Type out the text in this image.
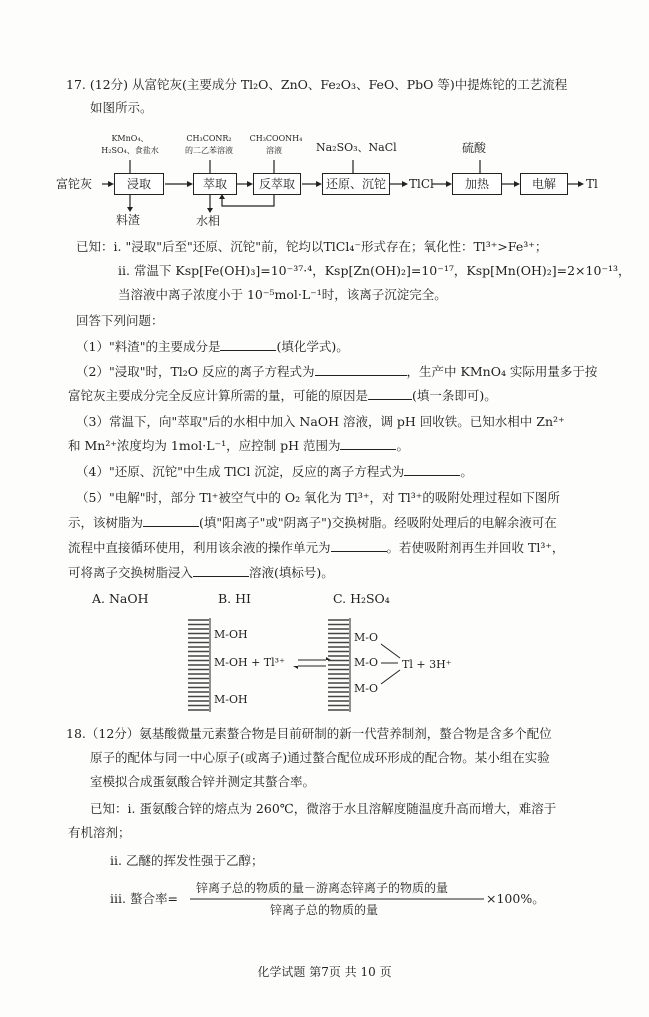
17. (12分) 从富铊灰(主要成分 Tl₂O、ZnO、Fe₂O₃、FeO、PbO 等)中提炼铊的工艺流程
如图所示。
富铊灰
KMnO₄、
H₂SO₄、食盐水
CH₃CONR₂
的二乙苯溶液
CH₃COONH₄
溶液	Na₂SO₃、NaCl	硫酸
浸取	萃取	反萃取	还原、沉铊	TlCl	加热	电解	Tl
料渣	水相
已知：i. "浸取"后至"还原、沉铊"前，铊均以TlCl₄⁻形式存在；氧化性：Tl³⁺>Fe³⁺；
ii. 常温下 Ksp[Fe(OH)₃]=10⁻³⁷·⁴，Ksp[Zn(OH)₂]=10⁻¹⁷，Ksp[Mn(OH)₂]=2×10⁻¹³，
当溶液中离子浓度小于 10⁻⁵mol·L⁻¹时，该离子沉淀完全。
回答下列问题：
（1）"料渣"的主要成分是	(填化学式)。
（2）"浸取"时，Tl₂O 反应的离子方程式为	，生产中 KMnO₄ 实际用量多于按
富铊灰主要成分完全反应计算所需的量，可能的原因是	(填一条即可)。
（3）常温下，向"萃取"后的水相中加入 NaOH 溶液，调 pH 回收铁。已知水相中 Zn²⁺
和 Mn²⁺浓度均为 1mol·L⁻¹，应控制 pH 范围为	。
（4）"还原、沉铊"中生成 TlCl 沉淀，反应的离子方程式为	。
（5）"电解"时，部分 Tl⁺被空气中的 O₂ 氧化为 Tl³⁺，对 Tl³⁺的吸附处理过程如下图所
示，该树脂为	(填"阳离子"或"阴离子")交换树脂。经吸附处理后的电解余液可在
流程中直接循环使用，利用该余液的操作单元为	。若使吸附剂再生并回收 Tl³⁺，
可将离子交换树脂浸入	溶液(填标号)。
A. NaOH	B. HI	C. H₂SO₄
M-OH
M-OH + Tl³⁺
M-OH
M-O
M-O
M-O
Tl + 3H⁺
18.（12分）氨基酸微量元素螯合物是目前研制的新一代营养制剂，螯合物是含多个配位
原子的配体与同一中心原子(或离子)通过螯合配位成环形成的配合物。某小组在实验
室模拟合成蛋氨酸合锌并测定其螯合率。
已知：i. 蛋氨酸合锌的熔点为 260℃，微溶于水且溶解度随温度升高而增大，难溶于
有机溶剂；
ii. 乙醚的挥发性强于乙醇；
iii. 螯合率=
锌离子总的物质的量－游离态锌离子的物质的量
锌离子总的物质的量
×100%。
化学试题 第7页 共 10 页
